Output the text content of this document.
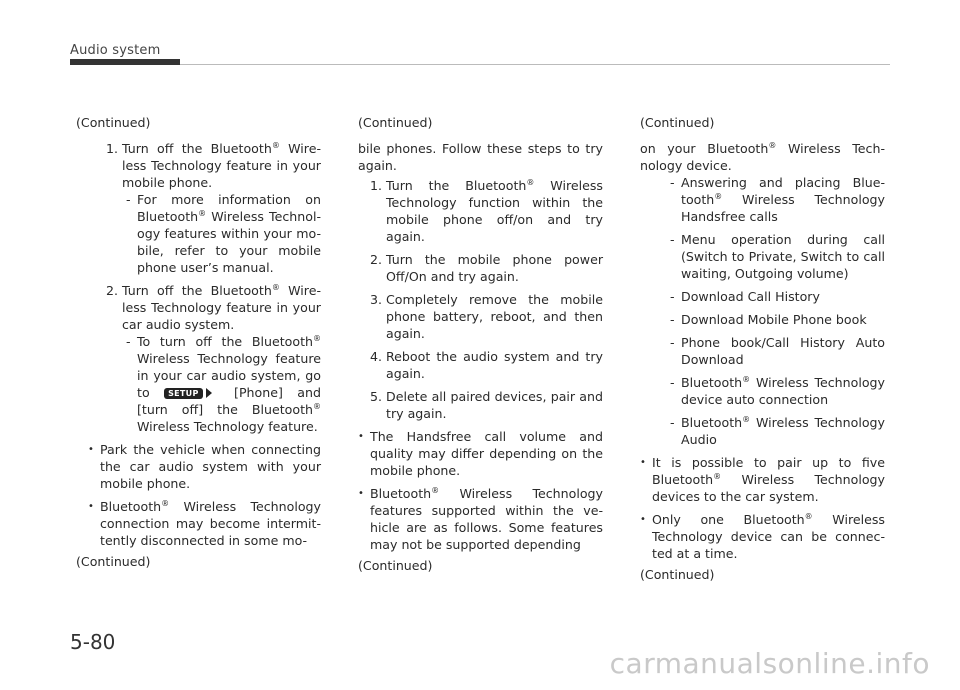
Audio system

(Continued)

1. Turn off the Bluetooth® Wire-less Technology feature in your mobile phone.
- For more information on Bluetooth® Wireless Technol-ogy features within your mo-bile, refer to your mobile phone user’s manual.
2. Turn off the Bluetooth® Wire-less Technology feature in your car audio system.
- To turn off the Bluetooth® Wireless Technology feature in your car audio system, go to SETUP	[Phone] and [turn off] the Bluetooth® Wireless Technology feature.
• Park the vehicle when connecting the car audio system with your mobile phone.
• Bluetooth® Wireless Technology connection may become intermit-tently disconnected in some mo-

(Continued)

(Continued)

bile phones. Follow these steps to try again.

1. Turn the Bluetooth® Wireless Technology function within the mobile phone off/on and try again.
2. Turn the mobile phone power Off/On and try again.
3. Completely remove the mobile phone battery, reboot, and then again.
4. Reboot the audio system and try again.
5. Delete all paired devices, pair and try again.
• The Handsfree call volume and quality may differ depending on the mobile phone.
• Bluetooth® Wireless Technology features supported within the ve-hicle are as follows. Some features may not be supported depending

(Continued)

(Continued)

on your Bluetooth® Wireless Tech-nology device.

- Answering and placing Blue-tooth® Wireless Technology Handsfree calls
- Menu operation during call (Switch to Private, Switch to call waiting, Outgoing volume)
- Download Call History
- Download Mobile Phone book
- Phone book/Call History Auto Download
- Bluetooth® Wireless Technology device auto connection
- Bluetooth® Wireless Technology Audio
• It is possible to pair up to five Bluetooth® Wireless Technology devices to the car system.
• Only one Bluetooth® Wireless Technology device can be connec-ted at a time.

(Continued)

5-80
carmanualsonline.info
